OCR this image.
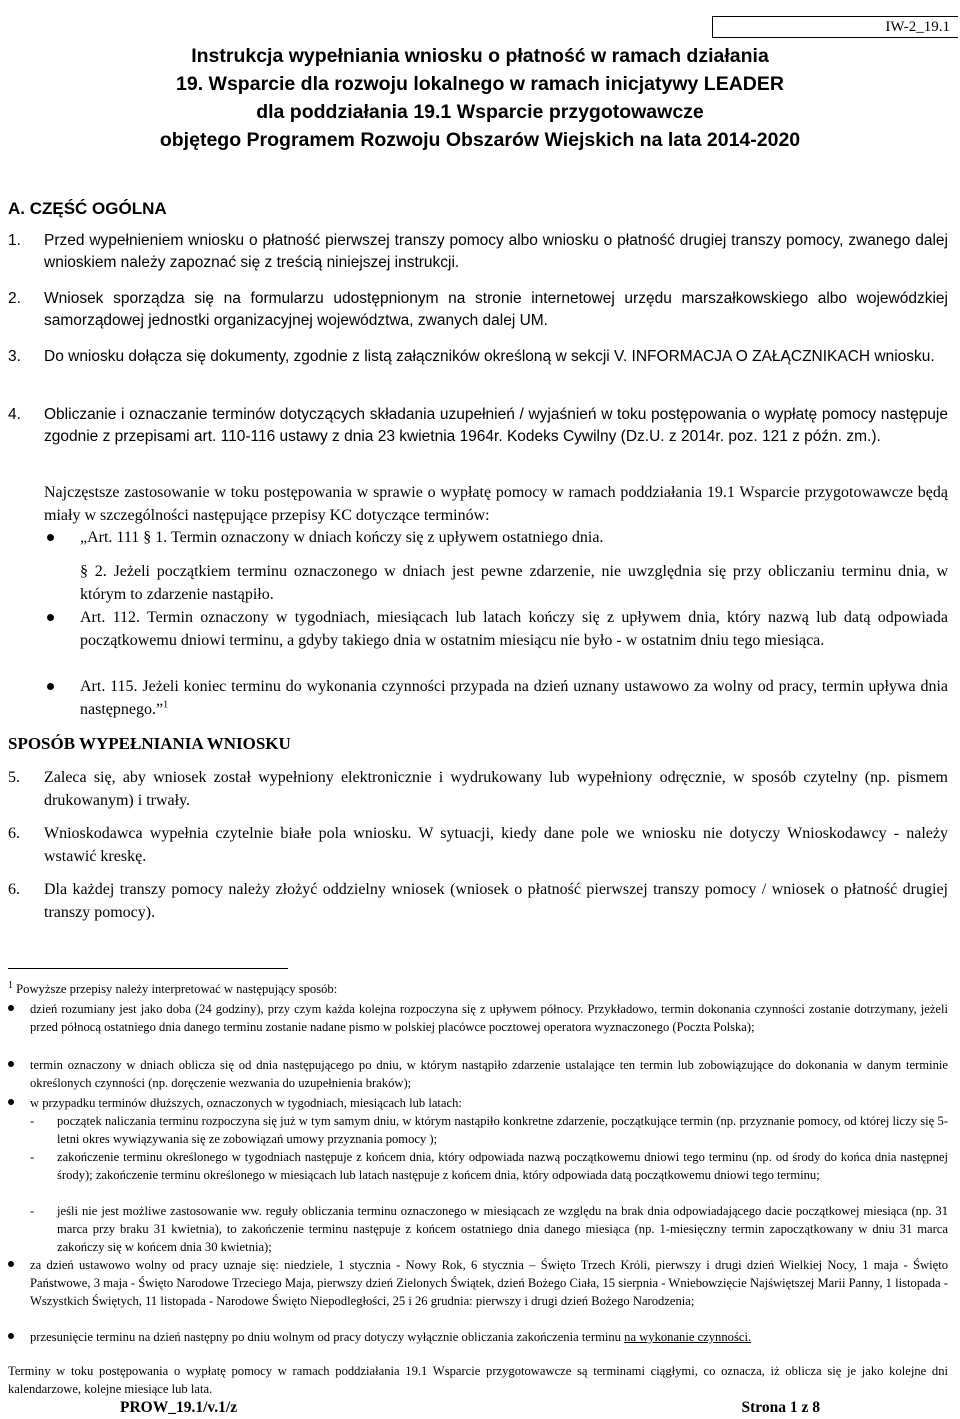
IW-2_19.1
Instrukcja wypełniania wniosku o płatność w ramach działania
19. Wsparcie dla rozwoju lokalnego w ramach inicjatywy LEADER
dla poddziałania 19.1 Wsparcie przygotowawcze
objętego Programem Rozwoju Obszarów Wiejskich na lata 2014-2020
A. CZĘŚĆ OGÓLNA
1. Przed wypełnieniem wniosku o płatność pierwszej transzy pomocy albo wniosku o płatność drugiej transzy pomocy, zwanego dalej wnioskiem należy zapoznać się z treścią niniejszej instrukcji.
2. Wniosek sporządza się na formularzu udostępnionym na stronie internetowej urzędu marszałkowskiego albo wojewódzkiej samorządowej jednostki organizacyjnej województwa, zwanych dalej UM.
3. Do wniosku dołącza się dokumenty, zgodnie z listą załączników określoną w sekcji V. INFORMACJA O ZAŁĄCZNIKACH wniosku.
4. Obliczanie i oznaczanie terminów dotyczących składania uzupełnień / wyjaśnień w toku postępowania o wypłatę pomocy następuje zgodnie z przepisami art. 110-116 ustawy z dnia 23 kwietnia 1964r. Kodeks Cywilny (Dz.U. z 2014r. poz. 121 z późn. zm.).
Najczęstsze zastosowanie w toku postępowania w sprawie o wypłatę pomocy w ramach poddziałania 19.1 Wsparcie przygotowawcze będą miały w szczególności następujące przepisy KC dotyczące terminów:
„Art. 111 § 1. Termin oznaczony w dniach kończy się z upływem ostatniego dnia.
§ 2. Jeżeli początkiem terminu oznaczonego w dniach jest pewne zdarzenie, nie uwzględnia się przy obliczaniu terminu dnia, w którym to zdarzenie nastąpiło.
Art. 112. Termin oznaczony w tygodniach, miesiącach lub latach kończy się z upływem dnia, który nazwą lub datą odpowiada początkowemu dniowi terminu, a gdyby takiego dnia w ostatnim miesiącu nie było - w ostatnim dniu tego miesiąca.
Art. 115. Jeżeli koniec terminu do wykonania czynności przypada na dzień uznany ustawowo za wolny od pracy, termin upływa dnia następnego.”$^1$
SPOSÓB WYPEŁNIANIA WNIOSKU
5. Zaleca się, aby wniosek został wypełniony elektronicznie i wydrukowany lub wypełniony odręcznie, w sposób czytelny (np. pismem drukowanym) i trwały.
6. Wnioskodawca wypełnia czytelnie białe pola wniosku. W sytuacji, kiedy dane pole we wniosku nie dotyczy Wnioskodawcy - należy wstawić kreskę.
6. Dla każdej transzy pomocy należy złożyć oddzielny wniosek (wniosek o płatność pierwszej transzy pomocy / wniosek o płatność drugiej transzy pomocy).
$^1$ Powyższe przepisy należy interpretować w następujący sposób:
dzień rozumiany jest jako doba (24 godziny), przy czym każda kolejna rozpoczyna się z upływem północy. Przykładowo, termin dokonania czynności zostanie dotrzymany, jeżeli przed północą ostatniego dnia danego terminu zostanie nadane pismo w polskiej placówce pocztowej operatora wyznaczonego (Poczta Polska);
termin oznaczony w dniach oblicza się od dnia następującego po dniu, w którym nastąpiło zdarzenie ustalające ten termin lub zobowiązujące do dokonania w danym terminie określonych czynności (np. doręczenie wezwania do uzupełnienia braków);
w przypadku terminów dłuższych, oznaczonych w tygodniach, miesiącach lub latach:
- początek naliczania terminu rozpoczyna się już w tym samym dniu, w którym nastąpiło konkretne zdarzenie, początkujące termin (np. przyznanie pomocy, od której liczy się 5-letni okres wywiązywania się ze zobowiązań umowy przyznania pomocy );
- zakończenie terminu określonego w tygodniach następuje z końcem dnia, który odpowiada nazwą początkowemu dniowi tego terminu (np. od środy do końca dnia następnej środy); zakończenie terminu określonego w miesiącach lub latach następuje z końcem dnia, który odpowiada datą początkowemu dniowi tego terminu;
- jeśli nie jest możliwe zastosowanie ww. reguły obliczania terminu oznaczonego w miesiącach ze względu na brak dnia odpowiadającego dacie początkowej miesiąca (np. 31 marca przy braku 31 kwietnia), to zakończenie terminu następuje z końcem ostatniego dnia danego miesiąca (np. 1-miesięczny termin zapoczątkowany w dniu 31 marca zakończy się w końcem dnia 30 kwietnia);
za dzień ustawowo wolny od pracy uznaje się: niedziele, 1 stycznia - Nowy Rok, 6 stycznia – Święto Trzech Króli, pierwszy i drugi dzień Wielkiej Nocy, 1 maja - Święto Państwowe, 3 maja - Święto Narodowe Trzeciego Maja, pierwszy dzień Zielonych Świątek, dzień Bożego Ciała, 15 sierpnia - Wniebowzięcie Najświętszej Marii Panny, 1 listopada - Wszystkich Świętych, 11 listopada - Narodowe Święto Niepodległości, 25 i 26 grudnia: pierwszy i drugi dzień Bożego Narodzenia;
przesunięcie terminu na dzień następny po dniu wolnym od pracy dotyczy wyłącznie obliczania zakończenia terminu na wykonanie czynności.
Terminy w toku postępowania o wypłatę pomocy w ramach poddziałania 19.1 Wsparcie przygotowawcze są terminami ciągłymi, co oznacza, iż oblicza się je jako kolejne dni kalendarzowe, kolejne miesiące lub lata.
PROW_19.1/v.1/z	Strona 1 z 8
